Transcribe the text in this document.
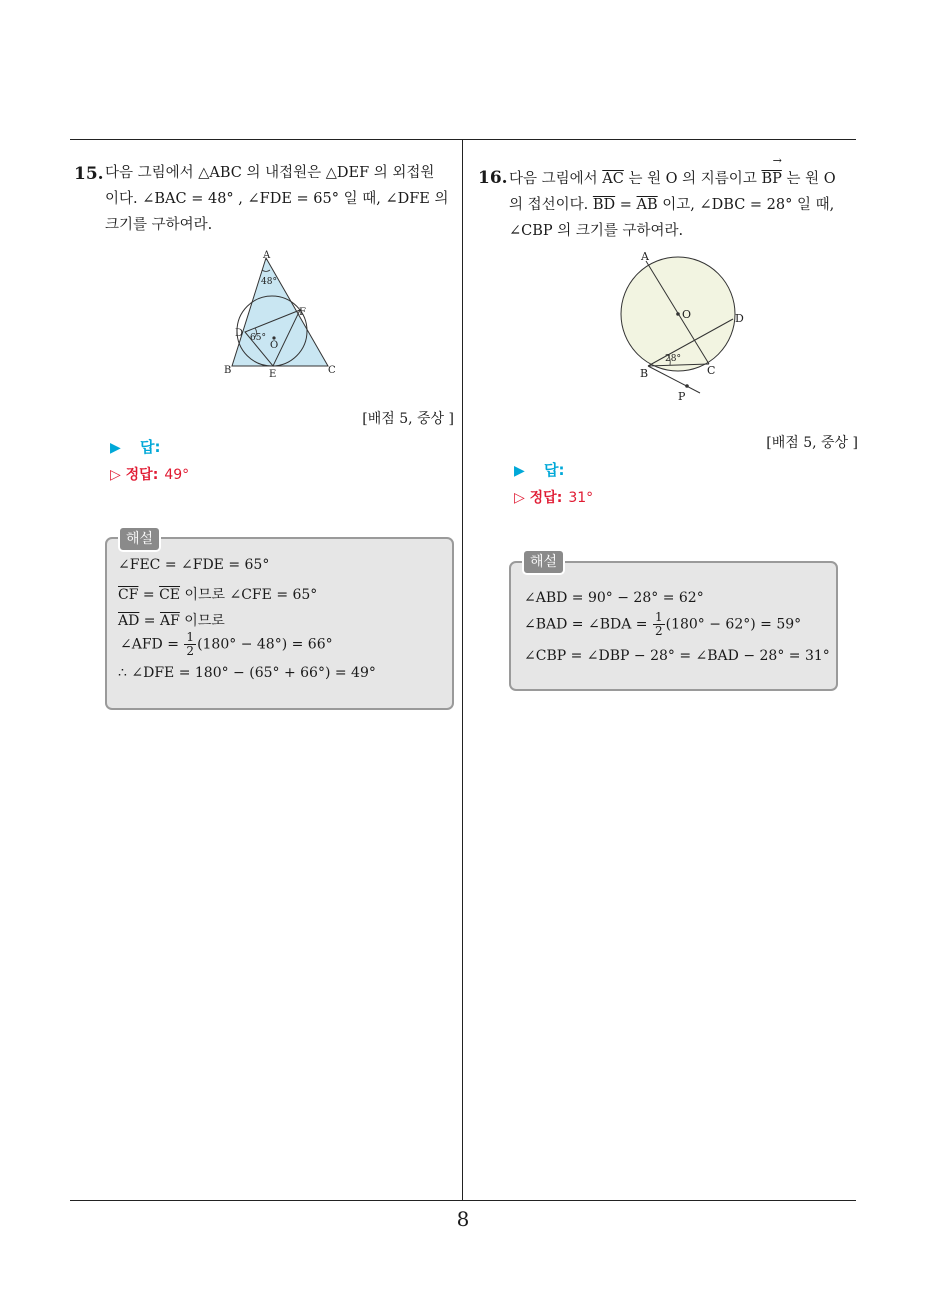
15. 다음 그림에서 △ABC 의 내접원은 △DEF 의 외접원
이다. ∠BAC = 48° , ∠FDE = 65° 일 때, ∠DFE 의
크기를 구하여라.
A
48°
D 65°
F
O
B	E	C
[배점 5, 중상 ]
▶ 답:
▷ 정답: 49°
∠FEC = ∠FDE = 65°
$\overline{CF} = \overline{CE}$ 이므로 ∠CFE = 65°
$\overline{AD} = \overline{AF}$ 이므로
∠AFD = $\frac{1}{2} (180^\circ - 48^\circ) = 66^\circ$
∴ ∠DFE = 180° − (65° + 66°) = 49°
해설
16. 다음 그림에서 $\overline{AC}$ 는 원 O 의 지름이고
→
$\overline{BP}$ 는 원 O
의 접선이다. $\overline{BD} = \overline{AB}$ 이고, ∠DBC = 28° 일 때,
∠CBP 의 크기를 구하여라.
A
O	D
28°
B	C
P
[배점 5, 중상 ]
▶ 답:
▷ 정답: 31°
∠ABD = 90° − 28° = 62°
∠BAD = ∠BDA = $\frac{1}{2} (180^\circ - 62^\circ) = 59^\circ$
∠CBP = ∠DBP − 28° = ∠BAD − 28° = 31°
해설
8
